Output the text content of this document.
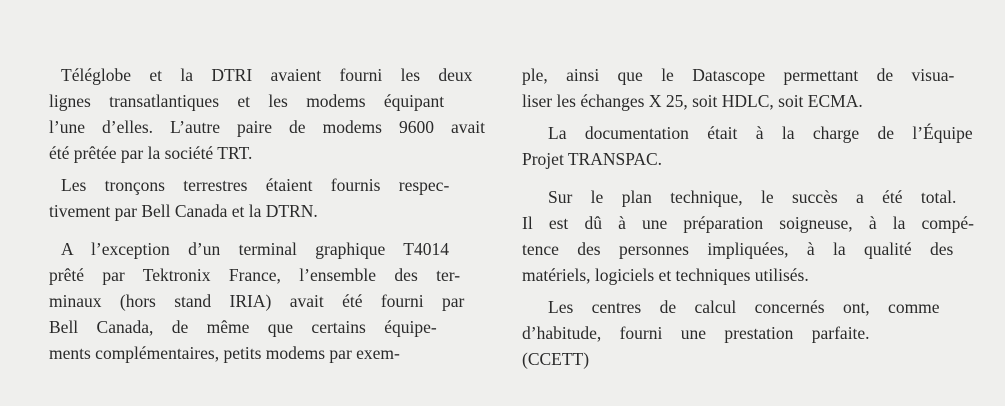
Téléglobe et la DTRI avaient fourni les deux
lignes transatlantiques et les modems équipant
l’une d’elles. L’autre paire de modems 9600 avait
été prêtée par la société TRT.
Les tronçons terrestres étaient fournis respec-
tivement par Bell Canada et la DTRN.
A l’exception d’un terminal graphique T4014
prêté par Tektronix France, l’ensemble des ter-
minaux (hors stand IRIA) avait été fourni par
Bell Canada, de même que certains équipe-
ments complémentaires, petits modems par exem-
ple, ainsi que le Datascope permettant de visua-
liser les échanges X 25, soit HDLC, soit ECMA.
La documentation était à la charge de l’Équipe
Projet TRANSPAC.
Sur le plan technique, le succès a été total.
Il est dû à une préparation soigneuse, à la compé-
tence des personnes impliquées, à la qualité des
matériels, logiciels et techniques utilisés.
Les centres de calcul concernés ont, comme
d’habitude, fourni une prestation parfaite.
(CCETT)
